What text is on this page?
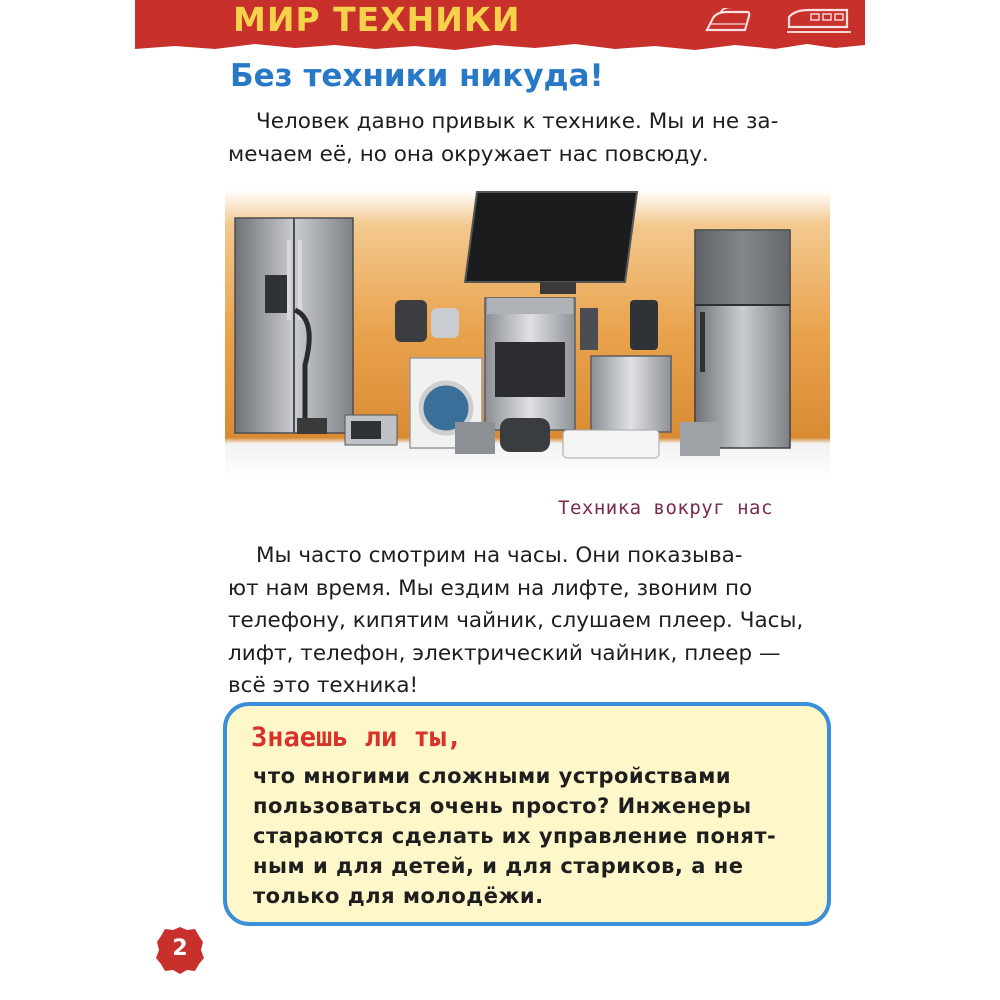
МИР ТЕХНИКИ
Без техники никуда!

Человек давно привык к технике. Мы и не за-
мечаем её, но она окружает нас повсюду.

Техника вокруг нас

Мы часто смотрим на часы. Они показыва-
ют нам время. Мы ездим на лифте, звоним по
телефону, кипятим чайник, слушаем плеер. Часы,
лифт, телефон, электрический чайник, плеер —
всё это техника!

Знаешь ли ты,

что многими сложными устройствами
пользоваться очень просто? Инженеры
стараются сделать их управление понят-
ным и для детей, и для стариков, а не
только для молодёжи.

2
